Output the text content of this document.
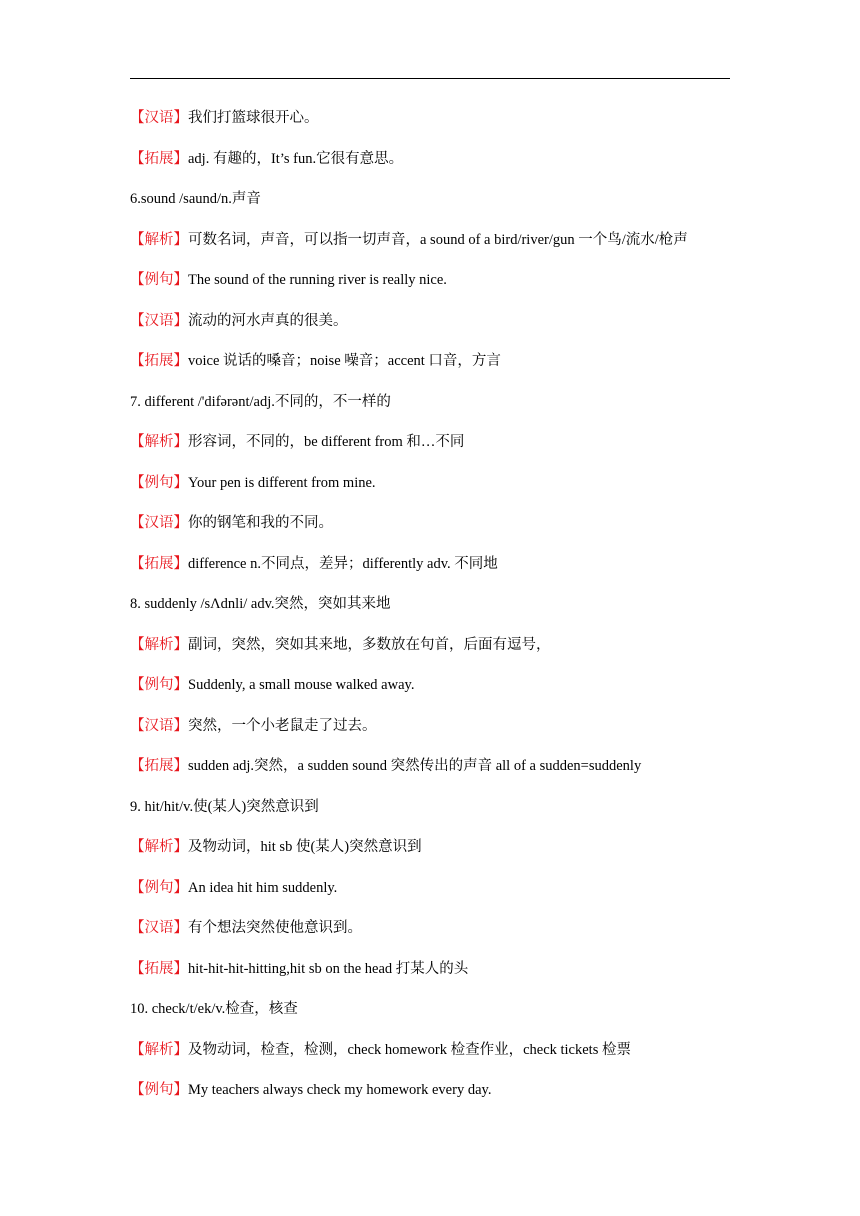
【汉语】我们打篮球很开心。
【拓展】adj. 有趣的，It’s fun.它很有意思。
6.sound /saund/n.声音
【解析】可数名词，声音，可以指一切声音，a sound of a bird/river/gun 一个鸟/流水/枪声
【例句】The sound of the running river is really nice.
【汉语】流动的河水声真的很美。
【拓展】voice 说话的嗓音；noise 噪音；accent 口音，方言
7. different /'difərənt/adj.不同的，不一样的
【解析】形容词，不同的，be different from 和…不同
【例句】Your pen is different from mine.
【汉语】你的钢笔和我的不同。
【拓展】difference n.不同点，差异；differently adv. 不同地
8. suddenly /sΛdnli/ adv.突然，突如其来地
【解析】副词，突然，突如其来地，多数放在句首，后面有逗号，
【例句】Suddenly, a small mouse walked away.
【汉语】突然，一个小老鼠走了过去。
【拓展】sudden adj.突然，a sudden sound 突然传出的声音 all of a sudden=suddenly
9. hit/hit/v.使(某人)突然意识到
【解析】及物动词，hit sb 使(某人)突然意识到
【例句】An idea hit him suddenly.
【汉语】有个想法突然使他意识到。
【拓展】hit-hit-hit-hitting,hit sb on the head 打某人的头
10. check/t/ek/v.检查，核查
【解析】及物动词，检查，检测，check homework 检查作业，check tickets 检票
【例句】My teachers always check my homework every day.
